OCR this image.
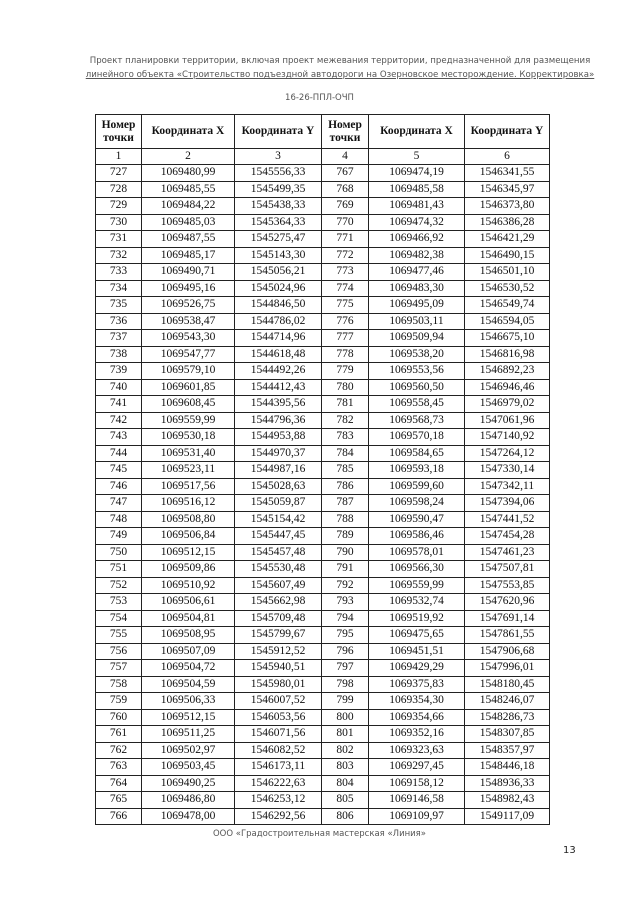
Проект планировки территории, включая проект межевания территории, предназначенной для размещения
линейного объекта «Строительство подъездной автодороги на Озерновское месторождение. Корректировка»
16-26-ППЛ-ОЧП
Номер точки	Координата X	Координата Y	Номер точки	Координата X	Координата Y
1	2	3	4	5	6
727	1069480,99	1545556,33	767	1069474,19	1546341,55
728	1069485,55	1545499,35	768	1069485,58	1546345,97
729	1069484,22	1545438,33	769	1069481,43	1546373,80
730	1069485,03	1545364,33	770	1069474,32	1546386,28
731	1069487,55	1545275,47	771	1069466,92	1546421,29
732	1069485,17	1545143,30	772	1069482,38	1546490,15
733	1069490,71	1545056,21	773	1069477,46	1546501,10
734	1069495,16	1545024,96	774	1069483,30	1546530,52
735	1069526,75	1544846,50	775	1069495,09	1546549,74
736	1069538,47	1544786,02	776	1069503,11	1546594,05
737	1069543,30	1544714,96	777	1069509,94	1546675,10
738	1069547,77	1544618,48	778	1069538,20	1546816,98
739	1069579,10	1544492,26	779	1069553,56	1546892,23
740	1069601,85	1544412,43	780	1069560,50	1546946,46
741	1069608,45	1544395,56	781	1069558,45	1546979,02
742	1069559,99	1544796,36	782	1069568,73	1547061,96
743	1069530,18	1544953,88	783	1069570,18	1547140,92
744	1069531,40	1544970,37	784	1069584,65	1547264,12
745	1069523,11	1544987,16	785	1069593,18	1547330,14
746	1069517,56	1545028,63	786	1069599,60	1547342,11
747	1069516,12	1545059,87	787	1069598,24	1547394,06
748	1069508,80	1545154,42	788	1069590,47	1547441,52
749	1069506,84	1545447,45	789	1069586,46	1547454,28
750	1069512,15	1545457,48	790	1069578,01	1547461,23
751	1069509,86	1545530,48	791	1069566,30	1547507,81
752	1069510,92	1545607,49	792	1069559,99	1547553,85
753	1069506,61	1545662,98	793	1069532,74	1547620,96
754	1069504,81	1545709,48	794	1069519,92	1547691,14
755	1069508,95	1545799,67	795	1069475,65	1547861,55
756	1069507,09	1545912,52	796	1069451,51	1547906,68
757	1069504,72	1545940,51	797	1069429,29	1547996,01
758	1069504,59	1545980,01	798	1069375,83	1548180,45
759	1069506,33	1546007,52	799	1069354,30	1548246,07
760	1069512,15	1546053,56	800	1069354,66	1548286,73
761	1069511,25	1546071,56	801	1069352,16	1548307,85
762	1069502,97	1546082,52	802	1069323,63	1548357,97
763	1069503,45	1546173,11	803	1069297,45	1548446,18
764	1069490,25	1546222,63	804	1069158,12	1548936,33
765	1069486,80	1546253,12	805	1069146,58	1548982,43
766	1069478,00	1546292,56	806	1069109,97	1549117,09
ООО «Градостроительная мастерская «Линия»
13
